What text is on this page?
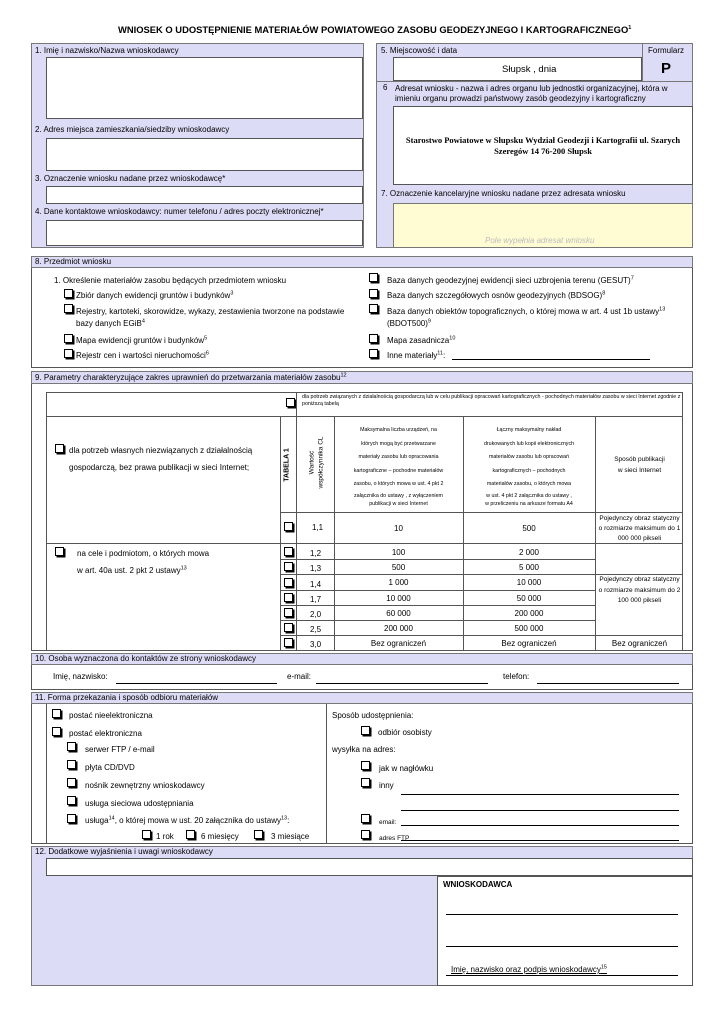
WNIOSEK O UDOSTĘPNIENIE MATERIAŁÓW POWIATOWEGO ZASOBU GEODEZYJNEGO I KARTOGRAFICZNEGO$^1$
1. Imię i nazwisko/Nazwa wnioskodawcy
2. Adres miejsca zamieszkania/siedziby wnioskodawcy
3. Oznaczenie wniosku nadane przez wnioskodawcę*
4. Dane kontaktowe wnioskodawcy: numer telefonu / adres poczty elektronicznej*
5. Miejscowość i data	Formularz
P
Słupsk , dnia
6 Adresat wniosku - nazwa i adres organu lub jednostki organizacyjnej, która w imieniu organu prowadzi państwowy zasób geodezyjny i kartograficzny
Starostwo Powiatowe w Słupsku Wydział Geodezji i Kartografii ul. Szarych Szeregów 14 76-200 Słupsk
7. Oznaczenie kancelaryjne wniosku nadane przez adresata wniosku
Pole wypełnia adresat wniosku
8. Przedmiot wniosku
1. Określenie materiałów zasobu będących przedmiotem wniosku
Zbiór danych ewidencji gruntów i budynków$^3$
Rejestry, kartoteki, skorowidze, wykazy, zestawienia tworzone na podstawie bazy danych EGiB$^4$
Mapa ewidencji gruntów i budynków$^5$
Rejestr cen i wartości nieruchomości$^6$
Baza danych geodezyjnej ewidencji sieci uzbrojenia terenu (GESUT)$^7$
Baza danych szczegółowych osnów geodezyjnych (BDSOG)$^8$
Baza danych obiektów topograficznych, o której mowa w art. 4 ust 1b ustawy$^{13}$ (BDOT500)$^9$
Mapa zasadnicza$^{10}$
Inne materiały$^{11}$:
9. Parametry charakteryzujące zakres uprawnień do przetwarzania materiałów zasobu$^{12}$
dla potrzeb związanych z działalnością gospodarczą lub w celu publikacji opracowań kartograficznych - pochodnych materiałów zasobu w sieci Internet zgodnie z poniższą tabelą
dla potrzeb własnych niezwiązanych z działalnością
gospodarczą, bez prawa publikacji w sieci Internet;
na cele i podmiotom, o których mowa
w art. 40a ust. 2 pkt 2 ustawy$^{13}$
TABELA 1	Wartość współczynnika CL
Maksymalna liczba urządzeń, na
których mogą być przetwarzane
materiały zasobu lub opracowania
kartograficzne – pochodne materiałów
zasobu, o których mowa w ust. 4 pkt 2
załącznika do ustawy , z wyłączeniem
publikacji w sieci Internet
Łączny maksymalny nakład
drukowanych lub kopii elektronicznych
materiałów zasobu lub opracowań
kartograficznych – pochodnych
materiałów zasobu, o których mowa
w ust. 4 pkt 2 załącznika do ustawy ,
w przeliczeniu na arkusze formatu A4
Sposób publikacji
w sieci Internet
1,1	10	500
Pojedynczy obraz statyczny o rozmiarze maksimum do 1 000 000 pikseli
1,2	100	2 000
1,3	500	5 000
1,4	1 000	10 000	Pojedynczy obraz statyczny o rozmiarze maksimum do 2 100 000 pikseli
1,7	10 000	50 000
2,0	60 000	200 000
2,5	200 000	500 000
3,0	Bez ograniczeń	Bez ograniczeń	Bez ograniczeń
10. Osoba wyznaczona do kontaktów ze strony wnioskodawcy
Imię, nazwisko:	e-mail:	telefon:
11. Forma przekazania i sposób odbioru materiałów
postać nieelektroniczna
postać elektroniczna
serwer FTP / e-mail
płyta CD/DVD
nośnik zewnętrzny wnioskodawcy
usługa sieciowa udostępniania
usługa$^{14}$, o której mowa w ust. 20 załącznika do ustawy$^{13}$:
1 rok	6 miesięcy	3 miesiące
Sposób udostępnienia:
odbiór osobisty
wysyłka na adres:
jak w nagłówku
inny
email:
adres FTP
12. Dodatkowe wyjaśnienia i uwagi wnioskodawcy
WNIOSKODAWCA
Imię, nazwisko oraz podpis wnioskodawcy$^{15}$
